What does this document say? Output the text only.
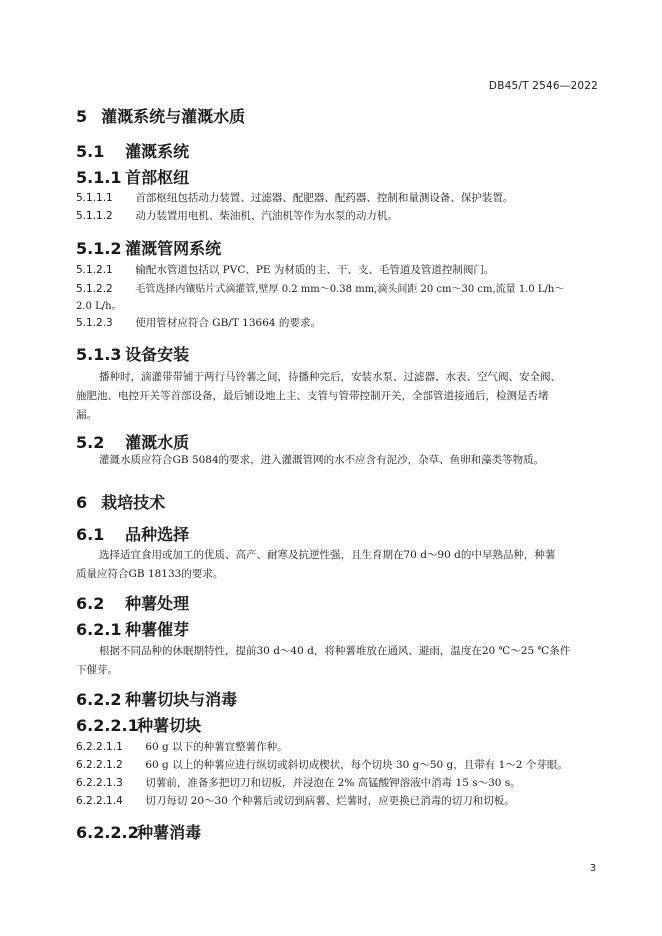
DB45/T 2546—2022
5 灌溉系统与灌溉水质
5.1 灌溉系统
5.1.1 首部枢纽
5.1.1.1 首部枢纽包括动力装置、过滤器、配肥器、配药器、控制和量测设备、保护装置。
5.1.1.2 动力装置用电机、柴油机、汽油机等作为水泵的动力机。
5.1.2 灌溉管网系统
5.1.2.1 输配水管道包括以 PVC、PE 为材质的主、干、支、毛管道及管道控制阀门。
5.1.2.2 毛管选择内镶贴片式滴灌管,壁厚 0.2 mm～0.38 mm,滴头间距 20 cm～30 cm,流量 1.0 L/h～
2.0 L/h。
5.1.2.3 使用管材应符合 GB/T 13664 的要求。
5.1.3 设备安装
播种时，滴灌带带铺于两行马铃薯之间，待播种完后，安装水泵、过滤器、水表、空气阀、安全阀、
施肥池、电控开关等首部设备，最后铺设地上主、支管与管带控制开关，全部管道接通后，检测是否堵
漏。
5.2 灌溉水质
灌溉水质应符合GB 5084的要求，进入灌溉管网的水不应含有泥沙，杂草、鱼卵和藻类等物质。
6 栽培技术
6.1 品种选择
选择适宜食用或加工的优质、高产、耐寒及抗逆性强，且生育期在70 d～90 d的中早熟品种，种薯
质量应符合GB 18133的要求。
6.2 种薯处理
6.2.1 种薯催芽
根据不同品种的休眠期特性，提前30 d～40 d，将种薯堆放在通风、避雨，温度在20 ℃～25 ℃条件
下催芽。
6.2.2 种薯切块与消毒
6.2.2.1 种薯切块
6.2.2.1.1 60 g 以下的种薯宜整薯作种。
6.2.2.1.2 60 g 以上的种薯应进行纵切或斜切成楔状，每个切块 30 g～50 g，且带有 1～2 个芽眼。
6.2.2.1.3 切薯前，准备多把切刀和切板，并浸泡在 2% 高锰酸钾溶液中消毒 15 s～30 s。
6.2.2.1.4 切刀每切 20～30 个种薯后或切到病薯、烂薯时，应更换已消毒的切刀和切板。
6.2.2.2 种薯消毒
3
